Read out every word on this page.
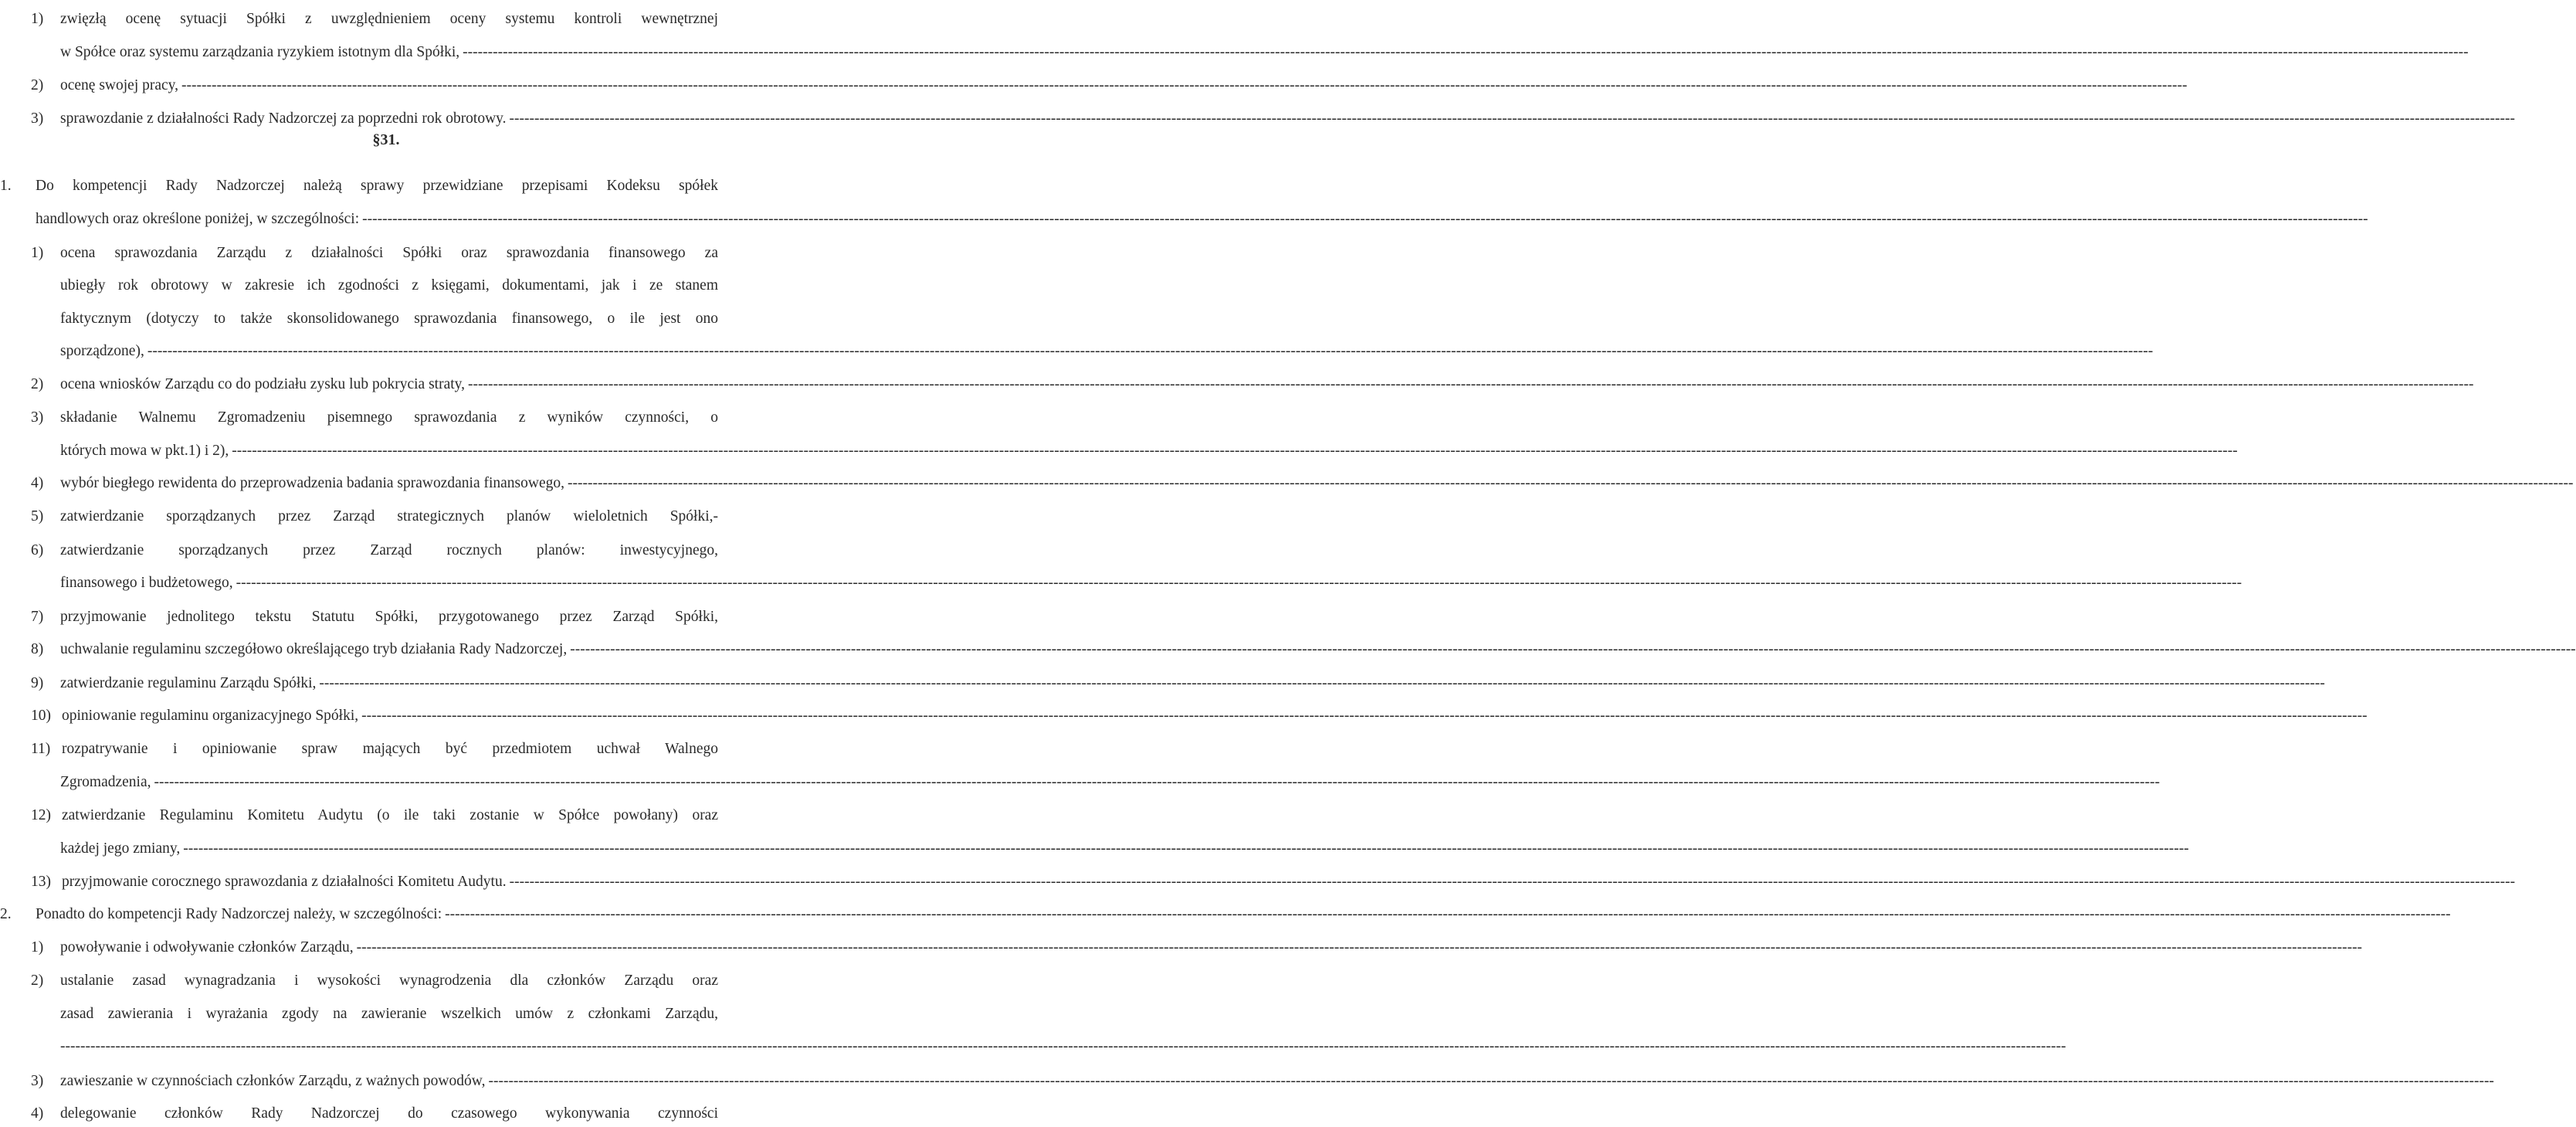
§31.
1) zwięzłą ocenę sytuacji Spółki z uwzględnieniem oceny systemu kontroli wewnętrznej
w Spółce oraz systemu zarządzania ryzykiem istotnym dla Spółki, ----------------------------------------------------------------------------------------------------------------------------------------------------------------------------------------------------------------------------------------------------------------------------------------------------------------------------------------------------------------------------------------------------------------
2) ocenę swojej pracy, ----------------------------------------------------------------------------------------------------------------------------------------------------------------------------------------------------------------------------------------------------------------------------------------------------------------------------------------------------------------------------------------------------------------
3) sprawozdanie z działalności Rady Nadzorczej za poprzedni rok obrotowy. ----------------------------------------------------------------------------------------------------------------------------------------------------------------------------------------------------------------------------------------------------------------------------------------------------------------------------------------------------------------------------------------------------------------
1. Do kompetencji Rady Nadzorczej należą sprawy przewidziane przepisami Kodeksu spółek
handlowych oraz określone poniżej, w szczególności: ----------------------------------------------------------------------------------------------------------------------------------------------------------------------------------------------------------------------------------------------------------------------------------------------------------------------------------------------------------------------------------------------------------------
1) ocena sprawozdania Zarządu z działalności Spółki oraz sprawozdania finansowego za
ubiegły rok obrotowy w zakresie ich zgodności z księgami, dokumentami, jak i ze stanem
faktycznym (dotyczy to także skonsolidowanego sprawozdania finansowego, o ile jest ono
sporządzone), ----------------------------------------------------------------------------------------------------------------------------------------------------------------------------------------------------------------------------------------------------------------------------------------------------------------------------------------------------------------------------------------------------------------
2) ocena wniosków Zarządu co do podziału zysku lub pokrycia straty, ----------------------------------------------------------------------------------------------------------------------------------------------------------------------------------------------------------------------------------------------------------------------------------------------------------------------------------------------------------------------------------------------------------------
3) składanie Walnemu Zgromadzeniu pisemnego sprawozdania z wyników czynności, o
których mowa w pkt.1) i 2), ----------------------------------------------------------------------------------------------------------------------------------------------------------------------------------------------------------------------------------------------------------------------------------------------------------------------------------------------------------------------------------------------------------------
4) wybór biegłego rewidenta do przeprowadzenia badania sprawozdania finansowego, ----------------------------------------------------------------------------------------------------------------------------------------------------------------------------------------------------------------------------------------------------------------------------------------------------------------------------------------------------------------------------------------------------------------
5) zatwierdzanie sporządzanych przez Zarząd strategicznych planów wieloletnich Spółki,-
6) zatwierdzanie sporządzanych przez Zarząd rocznych planów: inwestycyjnego,
finansowego i budżetowego, ----------------------------------------------------------------------------------------------------------------------------------------------------------------------------------------------------------------------------------------------------------------------------------------------------------------------------------------------------------------------------------------------------------------
7) przyjmowanie jednolitego tekstu Statutu Spółki, przygotowanego przez Zarząd Spółki,
8) uchwalanie regulaminu szczegółowo określającego tryb działania Rady Nadzorczej, ----------------------------------------------------------------------------------------------------------------------------------------------------------------------------------------------------------------------------------------------------------------------------------------------------------------------------------------------------------------------------------------------------------------
9) zatwierdzanie regulaminu Zarządu Spółki, ----------------------------------------------------------------------------------------------------------------------------------------------------------------------------------------------------------------------------------------------------------------------------------------------------------------------------------------------------------------------------------------------------------------
10) opiniowanie regulaminu organizacyjnego Spółki, ----------------------------------------------------------------------------------------------------------------------------------------------------------------------------------------------------------------------------------------------------------------------------------------------------------------------------------------------------------------------------------------------------------------
11) rozpatrywanie i opiniowanie spraw mających być przedmiotem uchwał Walnego
Zgromadzenia, ----------------------------------------------------------------------------------------------------------------------------------------------------------------------------------------------------------------------------------------------------------------------------------------------------------------------------------------------------------------------------------------------------------------
12) zatwierdzanie Regulaminu Komitetu Audytu (o ile taki zostanie w Spółce powołany) oraz
każdej jego zmiany, ----------------------------------------------------------------------------------------------------------------------------------------------------------------------------------------------------------------------------------------------------------------------------------------------------------------------------------------------------------------------------------------------------------------
13) przyjmowanie corocznego sprawozdania z działalności Komitetu Audytu. ----------------------------------------------------------------------------------------------------------------------------------------------------------------------------------------------------------------------------------------------------------------------------------------------------------------------------------------------------------------------------------------------------------------
2. Ponadto do kompetencji Rady Nadzorczej należy, w szczególności: ----------------------------------------------------------------------------------------------------------------------------------------------------------------------------------------------------------------------------------------------------------------------------------------------------------------------------------------------------------------------------------------------------------------
1) powoływanie i odwoływanie członków Zarządu, ----------------------------------------------------------------------------------------------------------------------------------------------------------------------------------------------------------------------------------------------------------------------------------------------------------------------------------------------------------------------------------------------------------------
2) ustalanie zasad wynagradzania i wysokości wynagrodzenia dla członków Zarządu oraz
zasad zawierania i wyrażania zgody na zawieranie wszelkich umów z członkami Zarządu,
----------------------------------------------------------------------------------------------------------------------------------------------------------------------------------------------------------------------------------------------------------------------------------------------------------------------------------------------------------------------------------------------------------------
3) zawieszanie w czynnościach członków Zarządu, z ważnych powodów, ----------------------------------------------------------------------------------------------------------------------------------------------------------------------------------------------------------------------------------------------------------------------------------------------------------------------------------------------------------------------------------------------------------------
4) delegowanie członków Rady Nadzorczej do czasowego wykonywania czynności
